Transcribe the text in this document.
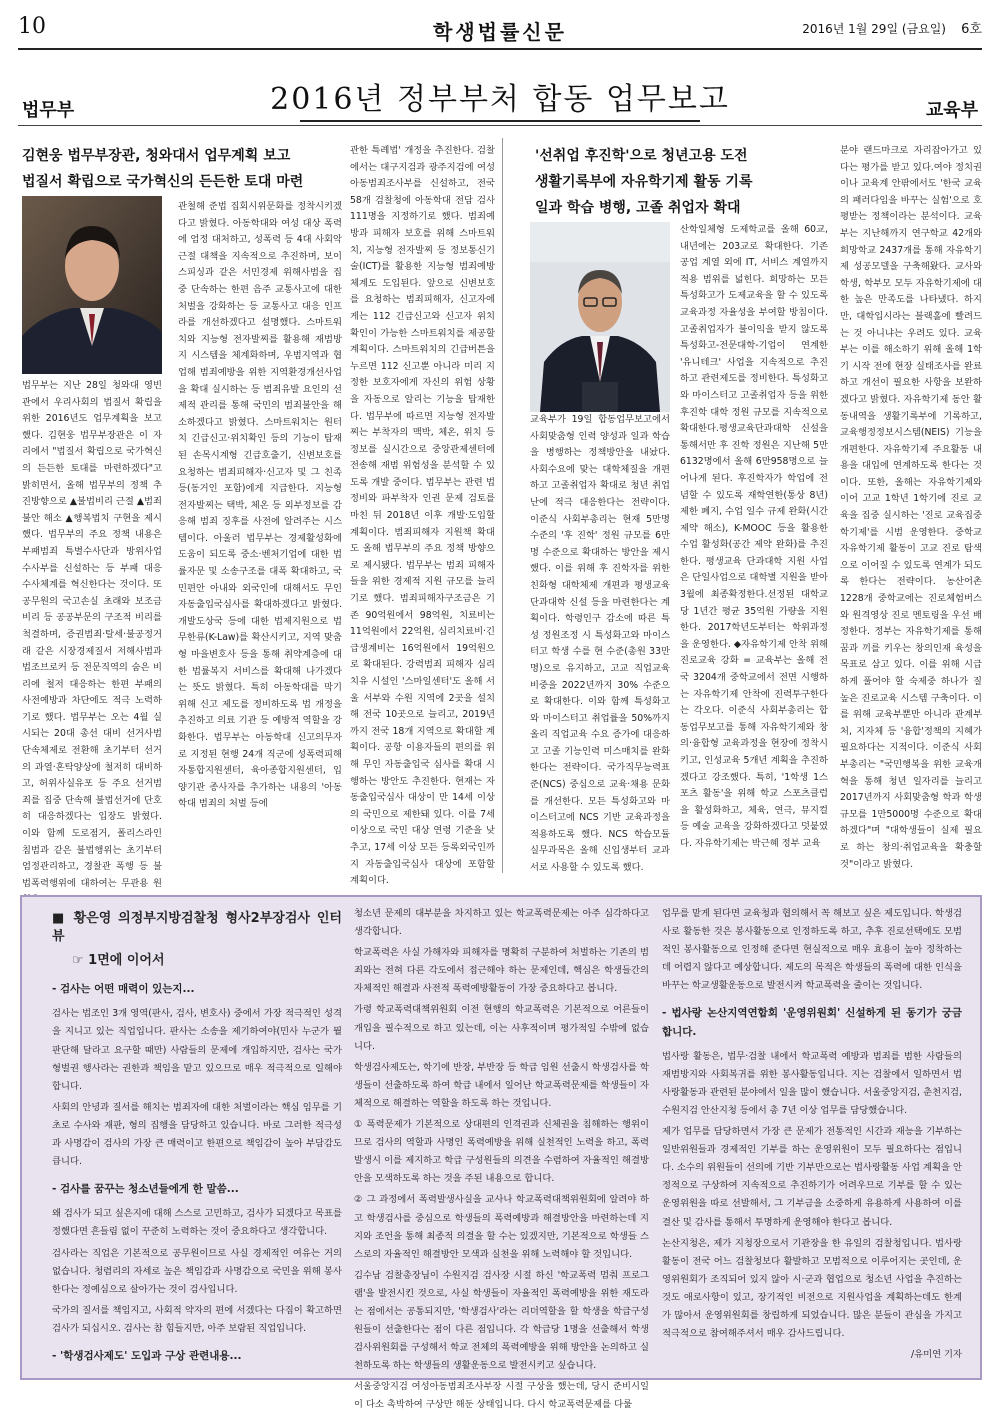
10	학생법률신문	2016년 1월 29일 (금요일) 6호
2016년 정부부처 합동 업무보고
법무부	교육부
김현웅 법무부장관, 청와대서 업무계획 보고
법질서 확립으로 국가혁신의 든든한 토대 마련
법무부는 지난 28일 청와대 영빈관에서 우리사회의 법질서 확립을 위한 2016년도 업무계획을 보고했다. 김현웅 법무부장관은 이 자리에서 "법질서 확립으로 국가혁신의 든든한 토대를 마련하겠다"고 밝히면서, 올해 법무부의 정책 추진방향으로 ▲불법비리 근절 ▲범죄불안 해소 ▲행복법치 구현을 제시했다. 법무부의 주요 정책 내용은 부패범죄 특별수사단과 방위사업수사부를 신설하는 등 부패 대응 수사체계를 혁신한다는 것이다. 또 공무원의 국고손실 초래와 보조금 비리 등 공공부문의 구조적 비리를 척결하며, 증권범죄·탈세·불공정거래 같은 시장경제질서 저해사범과 법조브로커 등 전문직역의 숨은 비리에 철저 대응하는 한편 부패의 사전예방과 차단에도 적극 노력하기로 했다. 법무부는 오는 4월 실시되는 20대 총선 대비 선거사범 단속체제로 전환해 초기부터 선거의 과열·혼탁양상에 철저히 대비하고, 허위사실유포 등 주요 선거범죄를 집중 단속해 불법선거에 단호히 대응하겠다는 입장도 밝혔다. 이와 함께 도로점거, 폴리스라인 침범과 같은 불법행위는 초기부터 엄정관리하고, 경찰관 폭행 등 불법폭력행위에 대하여는 무관용 원
관철해 준법 집회시위문화를 정착시키겠다고 밝혔다. 아동학대와 여성 대상 폭력에 엄정 대처하고, 성폭력 등 4대 사회악 근절 대책을 지속적으로 추진하며, 보이스피싱과 같은 서민경제 위해사범을 집중 단속하는 한편 음주 교통사고에 대한 처벌을 강화하는 등 교통사고 대응 인프라를 개선하겠다고 설명했다. 스마트워치와 지능형 전자발찌를 활용해 재범방지 시스템을 체계화하며, 우범지역과 협업해 범죄예방을 위한 지역환경개선사업을 확대 실시하는 등 범죄유발 요인의 선제적 관리를 통해 국민의 범죄불안을 해소하겠다고 밝혔다. 스마트워치는 원터치 긴급신고·위치확인 등의 기능이 탑재된 손목시계형 긴급호출기, 신변보호를 요청하는 범죄피해자·신고자 및 그 친족 등(동거인 포함)에게 지급한다. 지능형 전자발찌는 택박, 체온 등 외부정보를 감응해 범죄 징후를 사전에 알려주는 시스템이다. 아울러 법무부는 경제활성화에 도움이 되도록 중소·벤처기업에 대한 법률자문 및 소송구조를 대폭 확대하고, 국민편안 아내와 외국인에 대해서도 무인 자동출입국심사를 확대하겠다고 밝혔다. 개발도상국 등에 대한 법제지원으로 법무한류(K-Law)를 확산시키고, 지역 맞춤형 마을변호사 등을 통해 취약계층에 대한 법률복지 서비스를 확대해 나가겠다는 뜻도 밝혔다. 특히 아동학대를 막기 위해 신고 제도를 정비하도록 법 개정을 추진하고 의료 기관 등 예방적 역할을 강화한다. 법무부는 아동학대 신고의무자로 지정된 현행 24개 직군에 성폭력피해자통합지원센터, 육아종합지원센터, 입양기관 종사자를 추가하는 내용의 '아동학대 범죄의 처벌 등에
관한 특례법' 개정을 추진한다. 검찰에서는 대구지검과 광주지검에 여성아동범죄조사부를 신설하고, 전국 58개 검찰청에 아동학대 전담 검사 111명을 지정하기로 했다. 범죄예방과 피해자 보호를 위해 스마트워치, 지능형 전자발찌 등 정보통신기술(ICT)를 활용한 지능형 범죄예방체계도 도입된다. 앞으로 신변보호를 요청하는 범죄피해자, 신고자에게는 112 긴급신고와 신고자 위치 확인이 가능한 스마트워치를 제공할 계획이다. 스마트워치의 긴급버튼을 누르면 112 신고뿐 아니라 미리 지정한 보호자에게 자신의 위험 상황을 자동으로 알리는 기능을 탑재한다. 법무부에 따르면 지능형 전자발찌는 부착자의 맥박, 체온, 위치 등 정보를 실시간으로 중앙관제센터에 전송해 재범 위험성을 분석할 수 있도록 개발 중이다. 법무부는 관련 법 정비와 파부착자 인권 문제 검토를 마친 뒤 2018년 이후 개발·도입할 계획이다. 범죄피해자 지원책 확대도 올해 법무부의 주요 정책 방향으로 제시됐다. 법무부는 범죄 피해자들을 위한 경제적 지원 규모를 늘리기로 했다. 범죄피해자구조금은 기존 90억원에서 98억원, 치료비는 11억원에서 22억원, 심리치료비·긴급생계비는 16억원에서 19억원으로 확대된다. 강력범죄 피해자 심리치유 시설인 '스마일센터'도 올해 서울 서부와 수원 지역에 2곳을 설치해 전국 10곳으로 늘리고, 2019년까지 전국 18개 지역으로 확대할 계획이다. 공항 이용자들의 편의를 위해 무인 자동출입국 심사를 확대 시행하는 방안도 추진한다. 현재는 자동출입국심사 대상이 만 14세 이상의 국민으로 제한돼 있다. 이를 7세 이상으로 국민 대상 연령 기준을 낮추고, 17세 이상 모든 등록외국인까지 자동출입국심사 대상에 포함할 계획이다.
'선취업 후진학'으로 청년고용 도전
생활기록부에 자유학기제 활동 기록
일과 학습 병행, 고졸 취업자 확대
교육부가 19일 합동업무보고에서 사회맞춤형 인력 양성과 일과 학습을 병행하는 정책방안을 내놨다. 사회수요에 맞는 대학체질을 개편하고 고졸취업자 확대로 청년 취업난에 적극 대응한다는 전략이다. 이준식 사회부총리는 현재 5만명 수준의 '후 진학' 정원 규모를 6만명 수준으로 확대하는 방안을 제시했다. 이를 위해 후 진학자를 위한 친화형 대학체제 개편과 평생교육단과대학 신설 등을 마련한다는 계획이다. 학령인구 감소에 따른 특성 정원조정 시 특성화고와 마이스터고 학생 수를 현 수준(총원 33만명)으로 유지하고, 고교 직업교육 비중을 2022년까지 30% 수준으로 확대한다. 이와 함께 특성화고와 마이스터고 취업률을 50%까지 올리 직업교육 수요 증가에 대응하고 고졸 기능인력 미스매치를 완화한다는 전략이다. 국가직무능력표준(NCS) 중심으로 교육·채용 문화를 개선한다. 모든 특성화고와 마이스터고에 NCS 기반 교육과정을 적용하도록 했다. NCS 학습모듈 실무과목은 올해 신입생부터 교과서로 사용할 수 있도록 했다.
산학일체형 도제학교를 올해 60교, 내년에는 203교로 확대한다. 기존 공업 계열 외에 IT, 서비스 계열까지 적용 범위를 넓힌다. 희망하는 모든 특성화고가 도제교육을 할 수 있도록 교육과정 자율성을 부여할 방침이다. 고졸취업자가 불이익을 받지 않도록 특성화고-전문대학-기업이 연계한 '유니테크' 사업을 지속적으로 추진하고 관련제도를 정비한다. 특성화고와 마이스터고 고졸취업자 등을 위한 후진학 대학 정원 규모를 지속적으로 확대한다.평생교육단과대학 신설을 통해서만 후 진학 정원은 지난해 5만6132명에서 올해 6만958명으로 늘어나게 된다. 후진학자가 학업에 전념할 수 있도록 재학연한(통상 8년) 제한 폐지, 수업 일수 규제 완화(시간 제약 해소), K-MOOC 등을 활용한 수업 활성화(공간 제약 완화)를 추진한다. 평생교육 단과대학 지원 사업은 단일사업으로 대학별 지원을 받아 3월에 최종확정한다.선정된 대학교당 1년간 평균 35억원 가량을 지원한다. 2017학년도부터는 학위과정을 운영한다. ◆자유학기제 안착 위해 진로교육 강화 = 교육부는 올해 전국 3204개 중학교에서 전면 시행하는 자유학기제 안착에 진력투구한다는 각오다. 이준식 사회부총리는 합동업무보고를 통해 자유학기제와 창의·융합형 교육과정을 현장에 정착시키고, 인성교육 5개년 계획을 추진하겠다고 강조했다. 특히, '1학생 1스포츠 활동'을 위해 학교 스포츠클럽을 활성화하고, 체육, 연극, 뮤지컬 등 예술 교육을 강화하겠다고 덧붙였다. 자유학기제는 박근혜 정부 교육
분야 랜드마크로 자리잡아가고 있다는 평가를 받고 있다.여야 정치권이나 교육계 안팎에서도 '한국 교육의 패러다임을 바꾸는 실험'으로 호평받는 정책이라는 분석이다. 교육부는 지난해까지 연구학교 42개와 희망학교 2437개를 통해 자유학기제 성공모델을 구축해왔다. 교사와 학생, 학부모 모두 자유학기제에 대한 높은 만족도를 나타냈다. 하지만, 대학입시라는 블랙홀에 빨려드는 것 아니냐는 우려도 있다. 교육부는 이를 해소하기 위해 올해 1학기 시작 전에 현장 실태조사를 완료하고 개선이 필요한 사항을 보완하겠다고 밝혔다. 자유학기제 동안 활동내역을 생활기록부에 기록하고, 교육행정정보시스템(NEIS) 기능을 개편한다. 자유학기제 주요활동 내용을 대입에 연계하도록 한다는 것이다. 또한, 올해는 자유학기제와 이어 고교 1학년 1학기에 진로 교육을 집중 실시하는 '진로 교육집중학기제'를 시범 운영한다. 중학교 자유학기제 활동이 고교 진로 탐색으로 이어질 수 있도록 연계가 되도록 한다는 전략이다. 농산어촌 1228개 중학교에는 진로체험버스와 원격영상 진로 멘토링을 우선 배정한다. 정부는 자유학기제를 통해 꿈과 끼를 키우는 창의인재 육성을 목표로 삼고 있다. 이를 위해 시급하게 풀어야 할 숙제중 하나가 질 높은 진로교육 시스템 구축이다. 이를 위해 교육부뿐만 아니라 관계부처, 지자체 등 '융합'정책의 지혜가 필요하다는 지적이다. 이준식 사회부총리는 "국민행복을 위한 교육개혁을 통해 청년 일자리를 늘리고 2017년까지 사회맞춤형 학과 학생 규모를 1만5000명 수준으로 확대하겠다"며 "대학생들이 실제 필요로 하는 창의·취업교육을 확충할 것"이라고 밝혔다.
■ 황은영 의정부지방검찰청 형사2부장검사 인터뷰
☞ 1면에 이어서
- 검사는 어떤 매력이 있는지...

검사는 법조인 3개 영역(판사, 검사, 변호사) 중에서 가장 적극적인 성격을 지니고 있는 직업입니다. 판사는 소송을 제기하여야(민사 누군가 뭘 판단해 달라고 요구할 때만) 사람들의 문제에 개입하지만, 검사는 국가형벌권 행사라는 권한과 책임을 맡고 있으므로 매우 적극적으로 일해야 합니다.

사회의 안녕과 질서를 해치는 범죄자에 대한 처벌이라는 핵심 임무를 기초로 수사와 재판, 형의 집행을 담당하고 있습니다. 바로 그러한 적극성과 사명감이 검사의 가장 큰 매력이고 한편으로 책임감이 높아 부담감도 큽니다.

- 검사를 꿈꾸는 청소년들에게 한 말씀...

왜 검사가 되고 싶은지에 대해 스스로 고민하고, 검사가 되겠다고 목표를 정했다면 흔들림 없이 꾸준히 노력하는 것이 중요하다고 생각합니다.

검사라는 직업은 기본적으로 공무원이므로 사실 경제적인 여유는 거의 없습니다. 청렴리의 자세로 높은 책임감과 사명감으로 국민을 위해 봉사한다는 정예심으로 살아가는 것이 검사입니다.

국가의 질서를 책임지고, 사회적 약자의 편에 서겠다는 다짐이 확고하면 검사가 되십시오. 검사는 참 힘들지만, 아주 보람된 직업입니다.

- '학생검사제도' 도입과 구상 관련내용...

청소년 문제의 대부분을 차지하고 있는 학교폭력문제는 아주 심각하다고 생각합니다.

학교폭력은 사실 가해자와 피해자를 명확히 구분하여 처벌하는 기존의 범죄와는 전혀 다른 각도에서 접근해야 하는 문제인데, 핵심은 학생들간의 자체적인 해결과 사전적 폭력예방활동이 가장 중요하다고 봅니다.

가령 학교폭력대책위원회 이전 현행의 학교폭력은 기본적으로 어른들이 개입을 필수적으로 하고 있는데, 이는 사후적이며 평가적일 수밖에 없습니다.

학생검사제도는, 학기에 반장, 부반장 등 학급 임원 선출시 학생검사를 학생들이 선출하도록 하여 학급 내에서 일어난 학교폭력문제를 학생들이 자체적으로 해결하는 역할을 하도록 하는 것입니다.

① 폭력문제가 기본적으로 상대편의 인격권과 신체권을 침해하는 행위이므로 검사의 역할과 사명인 폭력예방을 위해 실천적인 노력을 하고, 폭력발생시 이를 제지하고 학급 구성원들의 의견을 수렴하여 자율적인 해결방안을 모색하도록 하는 것을 주된 내용으로 합니다.

② 그 과정에서 폭력발생사실을 교사나 학교폭력대책위원회에 알려야 하고 학생검사를 중심으로 학생들의 폭력예방과 해결방안을 마련하는데 지지와 조언을 통해 최종적 의결을 할 수는 있겠지만, 기본적으로 학생들 스스로의 자율적인 해결방안 모색과 실천을 위해 노력해야 할 것입니다.

김수남 검찰총장님이 수원지검 검사장 시절 하신 '학교폭력 멈춰 프로그램'을 발전시킨 것으로, 사실 학생들이 자율적인 폭력예방을 위한 재도라는 점에서는 공통되지만, '학생검사'라는 리더역할을 할 학생을 학급구성원들이 선출한다는 점이 다른 점입니다. 각 학급당 1명을 선출해서 학생검사위원회를 구성해서 학교 전체의 폭력예방을 위해 방안을 논의하고 실천하도록 하는 학생들의 생활운동으로 발전시키고 싶습니다.

서울중앙지검 여성아동범죄조사부장 시절 구상을 했는데, 당시 준비시일이 다소 촉박하여 구상만 해둔 상태입니다. 다시 학교폭력문제를 다룰

업무를 맡게 된다면 교육청과 협의해서 꼭 해보고 싶은 제도입니다. 학생검사로 활동한 것은 봉사활동으로 인정하도록 하고, 추후 진로선택에도 모범적인 봉사활동으로 인정해 준다면 현실적으로 매우 효용이 높아 정착하는데 어렵지 않다고 예상합니다. 제도의 목적은 학생들의 폭력에 대한 인식을 바꾸는 학교생활운동으로 발전시켜 학교폭력을 줄이는 것입니다.

- 법사랑 논산지역연합회 '운영위원회' 신설하게 된 동기가 궁금합니다.

법사랑 활동은, 법무·검찰 내에서 학교폭력 예방과 범죄를 범한 사람들의 재범방지와 사회복귀를 위한 봉사활동입니다. 지는 검찰에서 일하면서 법사랑활동과 관련된 분야에서 일을 많이 했습니다. 서울중앙지검, 춘천지검, 수원지검 안산지청 등에서 총 7년 이상 업무를 담당했습니다.

제가 업무를 담당하면서 가장 큰 문제가 전통적인 시간과 재능을 기부하는 일반위원들과 경제적인 기부를 하는 운영위원이 모두 필요하다는 점입니다. 소수의 위원들이 선의에 기반 기부만으로는 법사랑활동 사업 계획을 안정적으로 구상하여 지속적으로 추진하기가 어려우므로 기부를 할 수 있는 운영위원을 따로 선발해서, 그 기부금을 소중하게 유용하게 사용하여 이를 결산 및 감사를 통해서 투명하게 운영해야 한다고 봅니다.

논산지청은, 제가 지청장으로서 기관장을 한 유일의 검찰청입니다. 법사랑 활동이 전국 어느 검찰청보다 활발하고 모범적으로 이루어지는 곳인데, 운영위원회가 조직되어 있지 않아 시·군과 협업으로 청소년 사업을 추진하는 것도 애로사항이 있고, 장기적인 비전으로 지원사업을 계획하는데도 한계가 많아서 운영위원회를 창립하게 되었습니다. 많은 분들이 관심을 가지고 적극적으로 참여해주셔서 매우 감사드립니다.

/유미연 기자
